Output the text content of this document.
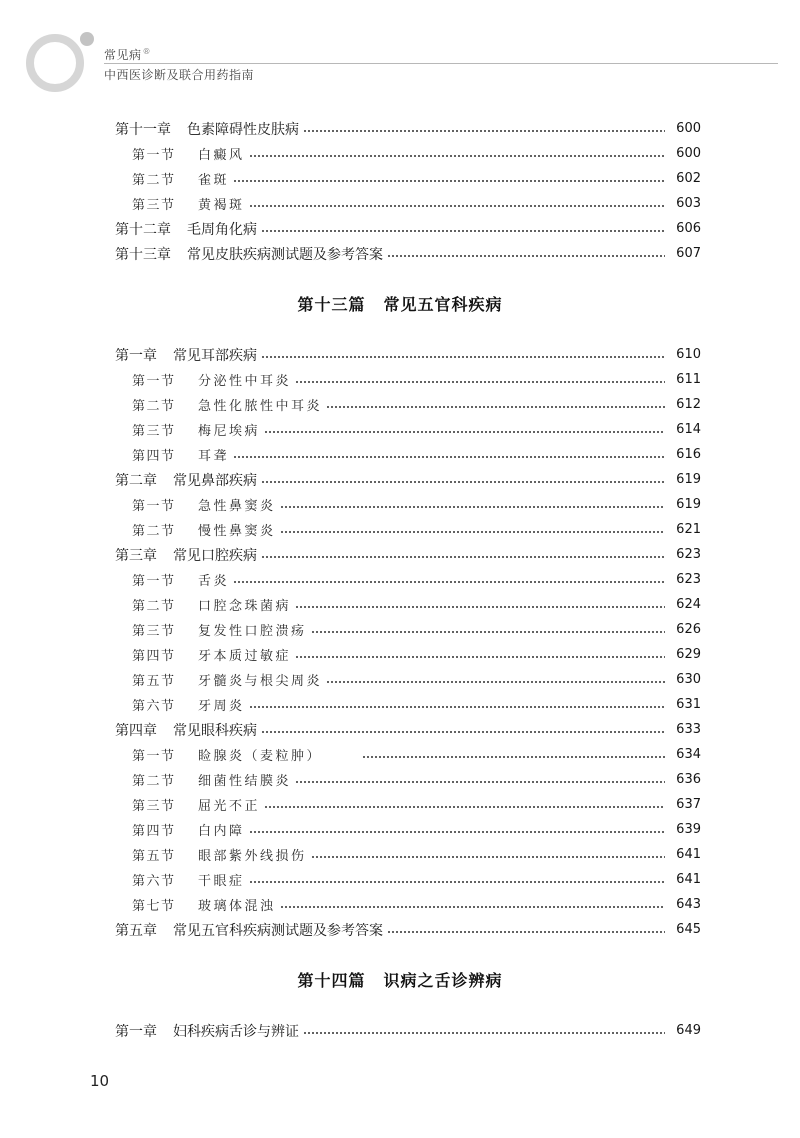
常见病®
中西医诊断及联合用药指南
第十一章 色素障碍性皮肤病	600
第一节	白癜风	600
第二节	雀斑	602
第三节	黄褐斑	603
第十二章 毛周角化病	606
第十三章 常见皮肤疾病测试题及参考答案	607
第十三篇 常见五官科疾病
第一章 常见耳部疾病	610
第一节	分泌性中耳炎	611
第二节	急性化脓性中耳炎	612
第三节	梅尼埃病	614
第四节	耳聋	616
第二章 常见鼻部疾病	619
第一节	急性鼻窦炎	619
第二节	慢性鼻窦炎	621
第三章 常见口腔疾病	623
第一节	舌炎	623
第二节	口腔念珠菌病	624
第三节	复发性口腔溃疡	626
第四节	牙本质过敏症	629
第五节	牙髓炎与根尖周炎	630
第六节	牙周炎	631
第四章 常见眼科疾病	633
第一节	睑腺炎（麦粒肿）	634
第二节	细菌性结膜炎	636
第三节	屈光不正	637
第四节	白内障	639
第五节	眼部紫外线损伤	641
第六节	干眼症	641
第七节	玻璃体混浊	643
第五章 常见五官科疾病测试题及参考答案	645
第十四篇 识病之舌诊辨病
第一章 妇科疾病舌诊与辨证	649
10
